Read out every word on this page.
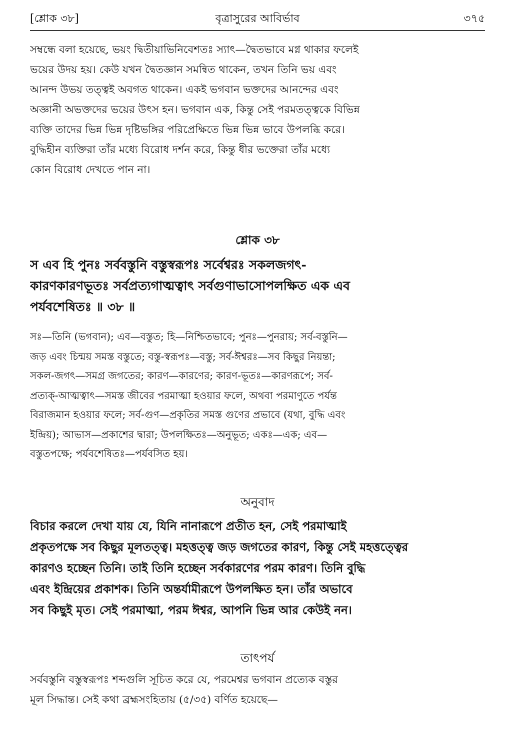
[শ্লোক ৩৮]	বৃত্রাসুরের আবির্ভাব	৩৭৫

সম্বন্ধে বলা হয়েছে, ভয়ং দ্বিতীয়াভিনিবেশতঃ স্যাৎ—দ্বৈতভাবে মগ্ন থাকার ফলেই
ভয়ের উদয় হয়। কেউ যখন দ্বৈতজ্ঞান সমন্বিত থাকেন, তখন তিনি ভয় এবং
আনন্দ উভয় তত্ত্বই অবগত থাকেন। একই ভগবান ভক্তদের আনন্দের এবং
অজ্ঞানী অভক্তদের ভয়ের উৎস হন। ভগবান এক, কিন্তু সেই পরমতত্ত্বকে বিভিন্ন
ব্যক্তি তাদের ভিন্ন ভিন্ন দৃষ্টিভঙ্গির পরিপ্রেক্ষিতে ভিন্ন ভিন্ন ভাবে উপলব্ধি করে।
বুদ্ধিহীন ব্যক্তিরা তাঁর মধ্যে বিরোধ দর্শন করে, কিন্তু ধীর ভক্তেরা তাঁর মধ্যে
কোন বিরোধ দেখতে পান না।

শ্লোক ৩৮

স এব হি পুনঃ সর্ববস্তুনি বস্তুস্বরূপঃ সর্বেশ্বরঃ সকলজগৎ-
কারণকারণভূতঃ সর্বপ্রত্যগাত্মত্বাৎ সর্বগুণাভাসোপলক্ষিত এক এব
পর্যবশেষিতঃ ॥ ৩৮ ॥

সঃ—তিনি (ভগবান); এব—বস্তুত; হি—নিশ্চিতভাবে; পুনঃ—পুনরায়; সর্ব-বস্তুনি—
জড় এবং চিন্ময় সমস্ত বস্তুতে; বস্তু-স্বরূপঃ—বস্তু; সর্ব-ঈশ্বরঃ—সব কিছুর নিয়ন্তা;
সকল-জগৎ—সমগ্র জগতের; কারণ—কারণের; কারণ-ভূতঃ—কারণরূপে; সর্ব-
প্রত্যক্-আত্মত্বাৎ—সমস্ত জীবের পরমাত্মা হওয়ার ফলে, অথবা পরমাণুতে পর্যন্ত
বিরাজমান হওয়ার ফলে; সর্ব-গুণ—প্রকৃতির সমস্ত গুণের প্রভাবে (যথা, বুদ্ধি এবং
ইন্দ্রিয়); আভাস—প্রকাশের দ্বারা; উপলক্ষিতঃ—অনুভূত; একঃ—এক; এব—
বস্তুতপক্ষে; পর্যবশেষিতঃ—পর্যবসিত হয়।

অনুবাদ

বিচার করলে দেখা যায় যে, যিনি নানারূপে প্রতীত হন, সেই পরমাত্মাই
প্রকৃতপক্ষে সব কিছুর মূলতত্ত্ব। মহত্তত্ত্ব জড় জগতের কারণ, কিন্তু সেই মহত্তত্ত্বের
কারণও হচ্ছেন তিনি। তাই তিনি হচ্ছেন সর্বকারণের পরম কারণ। তিনি বুদ্ধি
এবং ইন্দ্রিয়ের প্রকাশক। তিনি অন্তর্যামীরূপে উপলক্ষিত হন। তাঁর অভাবে
সব কিছুই মৃত। সেই পরমাত্মা, পরম ঈশ্বর, আপনি ভিন্ন আর কেউই নন।

তাৎপর্য

সর্ববস্তুনি বস্তুস্বরূপঃ শব্দগুলি সূচিত করে যে, পরমেশ্বর ভগবান প্রত্যেক বস্তুর
মূল সিদ্ধান্ত। সেই কথা ব্রহ্মসংহিতায় (৫/৩৫) বর্ণিত হয়েছে—
